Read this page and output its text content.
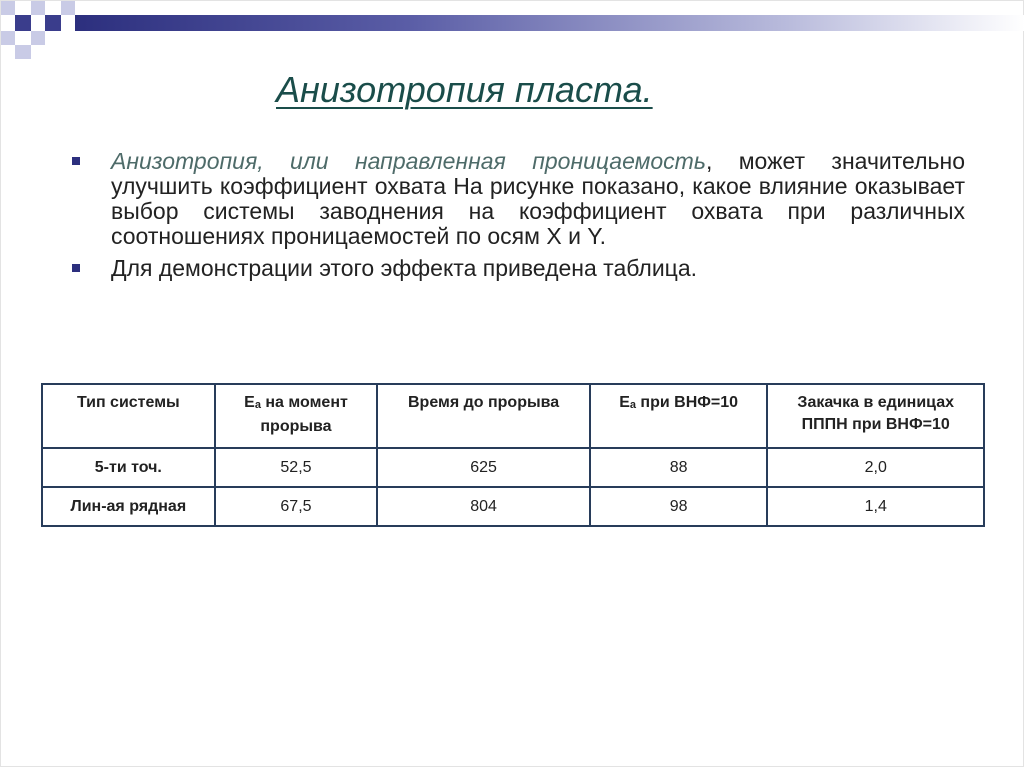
Анизотропия пласта.
Анизотропия, или направленная проницаемость, может значительно улучшить коэффициент охвата На рисунке показано, какое влияние оказывает выбор системы заводнения на коэффициент охвата при различных соотношениях проницаемостей по осям X и Y.
Для демонстрации этого эффекта приведена таблица.
Тип системы	Ea на момент прорыва	Время до прорыва	Ea при ВНФ=10	Закачка в единицах ПППН при ВНФ=10
5-ти точ.	52,5	625	88	2,0
Лин-ая рядная	67,5	804	98	1,4
